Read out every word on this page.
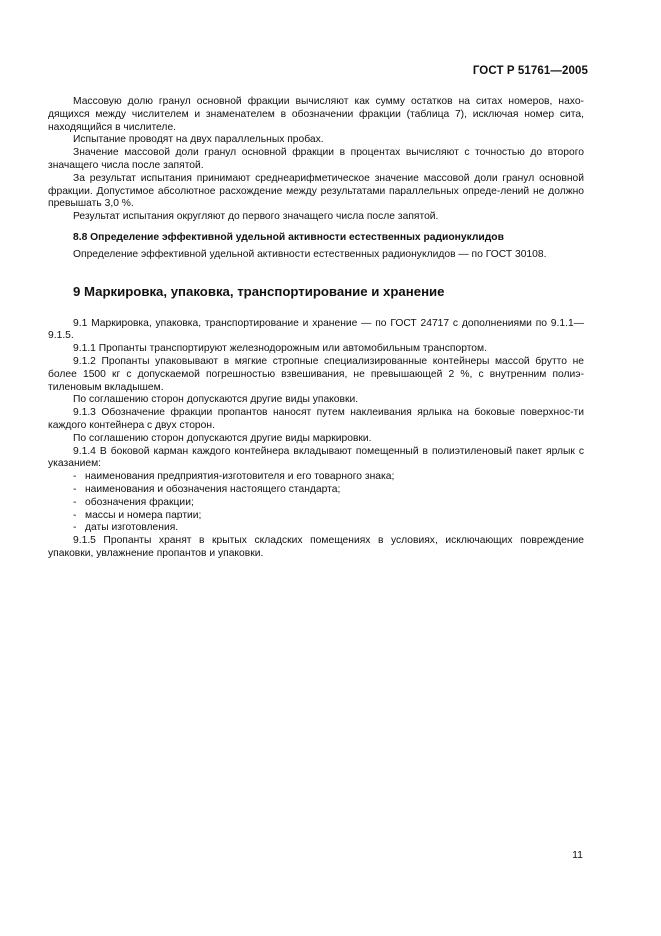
ГОСТ Р 51761—2005

Массовую долю гранул основной фракции вычисляют как сумму остатков на ситах номеров, нахо-дящихся между числителем и знаменателем в обозначении фракции (таблица 7), исключая номер сита, находящийся в числителе.

Испытание проводят на двух параллельных пробах.

Значение массовой доли гранул основной фракции в процентах вычисляют с точностью до второго значащего числа после запятой.

За результат испытания принимают среднеарифметическое значение массовой доли гранул основной фракции. Допустимое абсолютное расхождение между результатами параллельных опреде-лений не должно превышать 3,0 %.

Результат испытания округляют до первого значащего числа после запятой.

8.8 Определение эффективной удельной активности естественных радионуклидов

Определение эффективной удельной активности естественных радионуклидов — по ГОСТ 30108.

9 Маркировка, упаковка, транспортирование и хранение

9.1 Маркировка, упаковка, транспортирование и хранение — по ГОСТ 24717 с дополнениями по 9.1.1—9.1.5.

9.1.1 Пропанты транспортируют железнодорожным или автомобильным транспортом.

9.1.2 Пропанты упаковывают в мягкие стропные специализированные контейнеры массой брутто не более 1500 кг с допускаемой погрешностью взвешивания, не превышающей 2 %, с внутренним полиэ-тиленовым вкладышем.

По соглашению сторон допускаются другие виды упаковки.

9.1.3 Обозначение фракции пропантов наносят путем наклеивания ярлыка на боковые поверхнос-ти каждого контейнера с двух сторон.

По соглашению сторон допускаются другие виды маркировки.

9.1.4 В боковой карман каждого контейнера вкладывают помещенный в полиэтиленовый пакет ярлык с указанием:

- наименования предприятия-изготовителя и его товарного знака;
- наименования и обозначения настоящего стандарта;
- обозначения фракции;
- массы и номера партии;
- даты изготовления.

9.1.5 Пропанты хранят в крытых складских помещениях в условиях, исключающих повреждение упаковки, увлажнение пропантов и упаковки.

11
